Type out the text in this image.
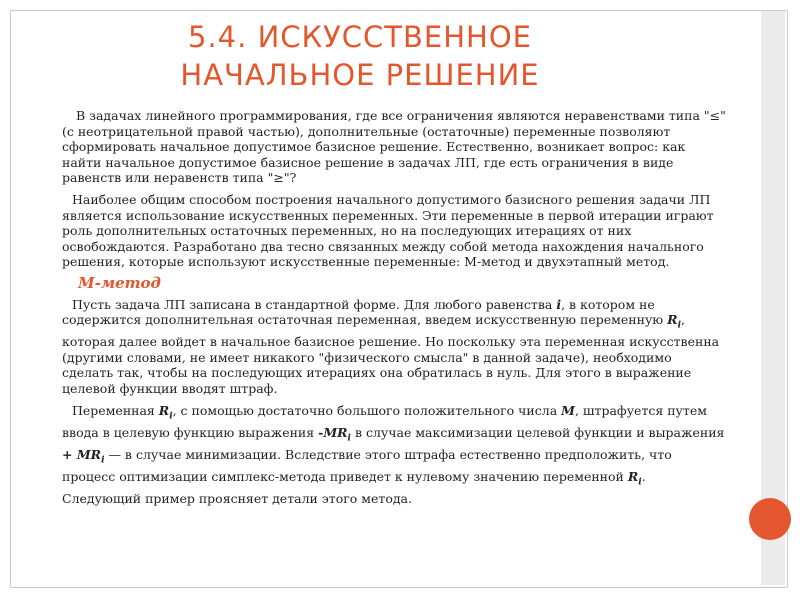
5.4. ИСКУССТВЕННОЕ
НАЧАЛЬНОЕ РЕШЕНИЕ

В задачах линейного программирования, где все ограничения являются неравенствами типа "≤" (с неотрицательной правой частью), дополнительные (остаточные) переменные позволяют сформировать начальное допустимое базисное решение. Естественно, возникает вопрос: как найти начальное допустимое базисное решение в задачах ЛП, где есть ограничения в виде равенств или неравенств типа "≥"?

Наиболее общим способом построения начального допустимого базисного решения задачи ЛП является использование искусственных переменных. Эти переменные в первой итерации играют роль дополнительных остаточных переменных, но на последующих итерациях от них освобождаются. Разработано два тесно связанных между собой метода нахождения начального решения, которые используют искусственные переменные: М-метод и двухэтапный метод.

М-метод

Пусть задача ЛП записана в стандартной форме. Для любого равенства i, в котором не содержится дополнительная остаточная переменная, введем искусственную переменную $R_i$, которая далее войдет в начальное базисное решение. Но поскольку эта переменная искусственна (другими словами, не имеет никакого "физического смысла" в данной задаче), необходимо сделать так, чтобы на последующих итерациях она обратилась в нуль. Для этого в выражение целевой функции вводят штраф.

Переменная $R_i$, с помощью достаточно большого положительного числа M, штрафуется путем ввода в целевую функцию выражения $-MR_i$ в случае максимизации целевой функции и выражения + $MR_i$ — в случае минимизации. Вследствие этого штрафа естественно предположить, что процесс оптимизации симплекс-метода приведет к нулевому значению переменной $R_i$. Следующий пример проясняет детали этого метода.
